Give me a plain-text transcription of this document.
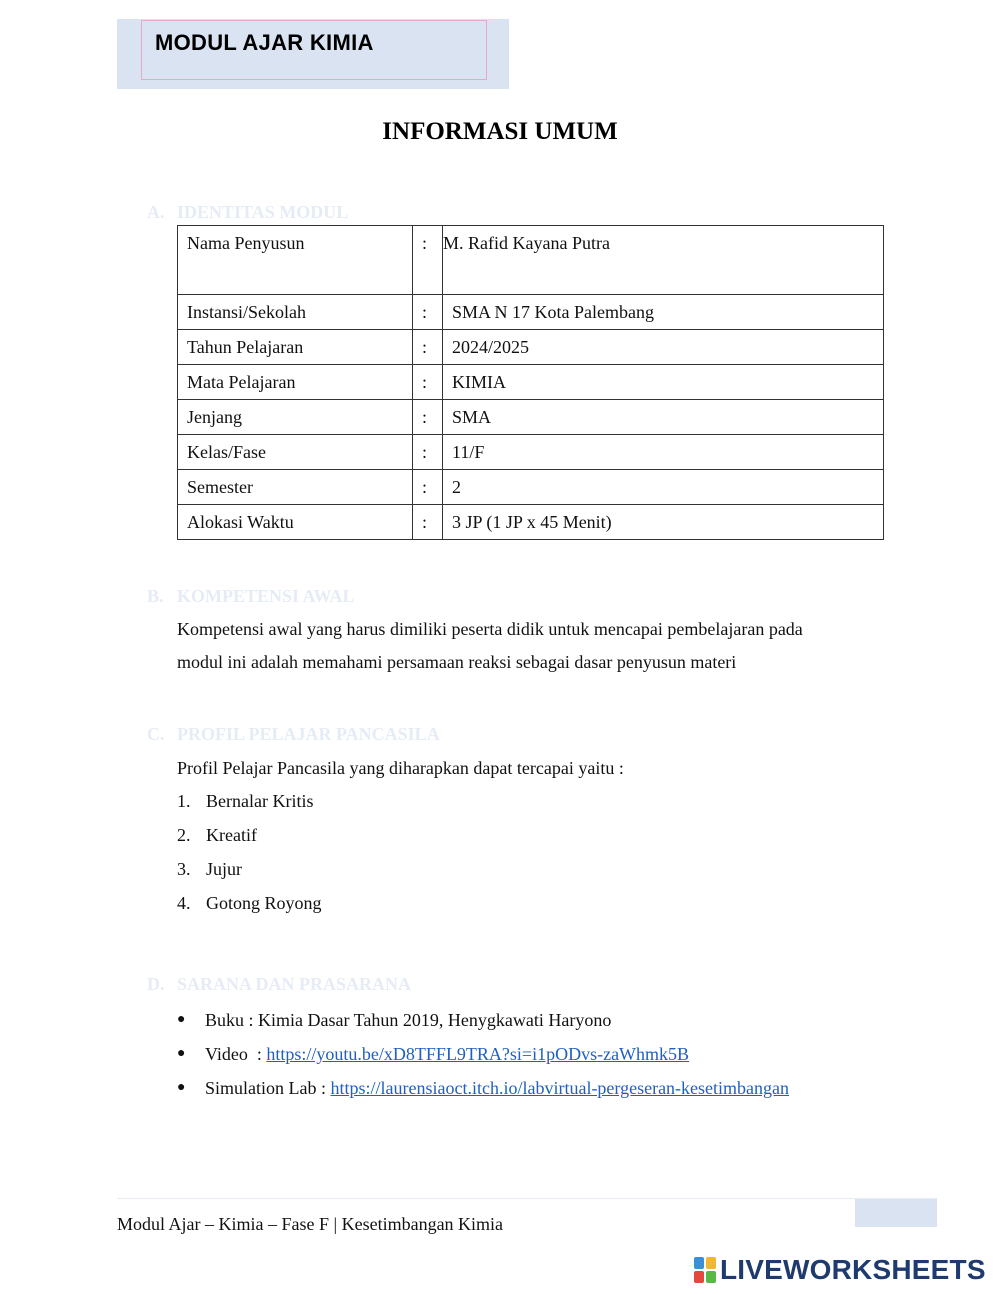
MODUL AJAR KIMIA
INFORMASI UMUM
A. IDENTITAS MODUL
Nama Penyusun	:	M. Rafid Kayana Putra
Instansi/Sekolah	:	SMA N 17 Kota Palembang
Tahun Pelajaran	:	2024/2025
Mata Pelajaran	:	KIMIA
Jenjang	:	SMA
Kelas/Fase	:	11/F
Semester	:	2
Alokasi Waktu	:	3 JP (1 JP x 45 Menit)
B. KOMPETENSI AWAL
Kompetensi awal yang harus dimiliki peserta didik untuk mencapai pembelajaran pada
modul ini adalah memahami persamaan reaksi sebagai dasar penyusun materi
C. PROFIL PELAJAR PANCASILA
Profil Pelajar Pancasila yang diharapkan dapat tercapai yaitu :
1. Bernalar Kritis
2. Kreatif
3. Jujur
4. Gotong Royong
D. SARANA DAN PRASARANA
●	Buku : Kimia Dasar Tahun 2019, Henygkawati Haryono
●	Video  : https://youtu.be/xD8TFFL9TRA?si=i1pODvs-zaWhmk5B
●	Simulation Lab : https://laurensiaoct.itch.io/labvirtual-pergeseran-kesetimbangan
Modul Ajar – Kimia – Fase F | Kesetimbangan Kimia
LIVEWORKSHEETS
